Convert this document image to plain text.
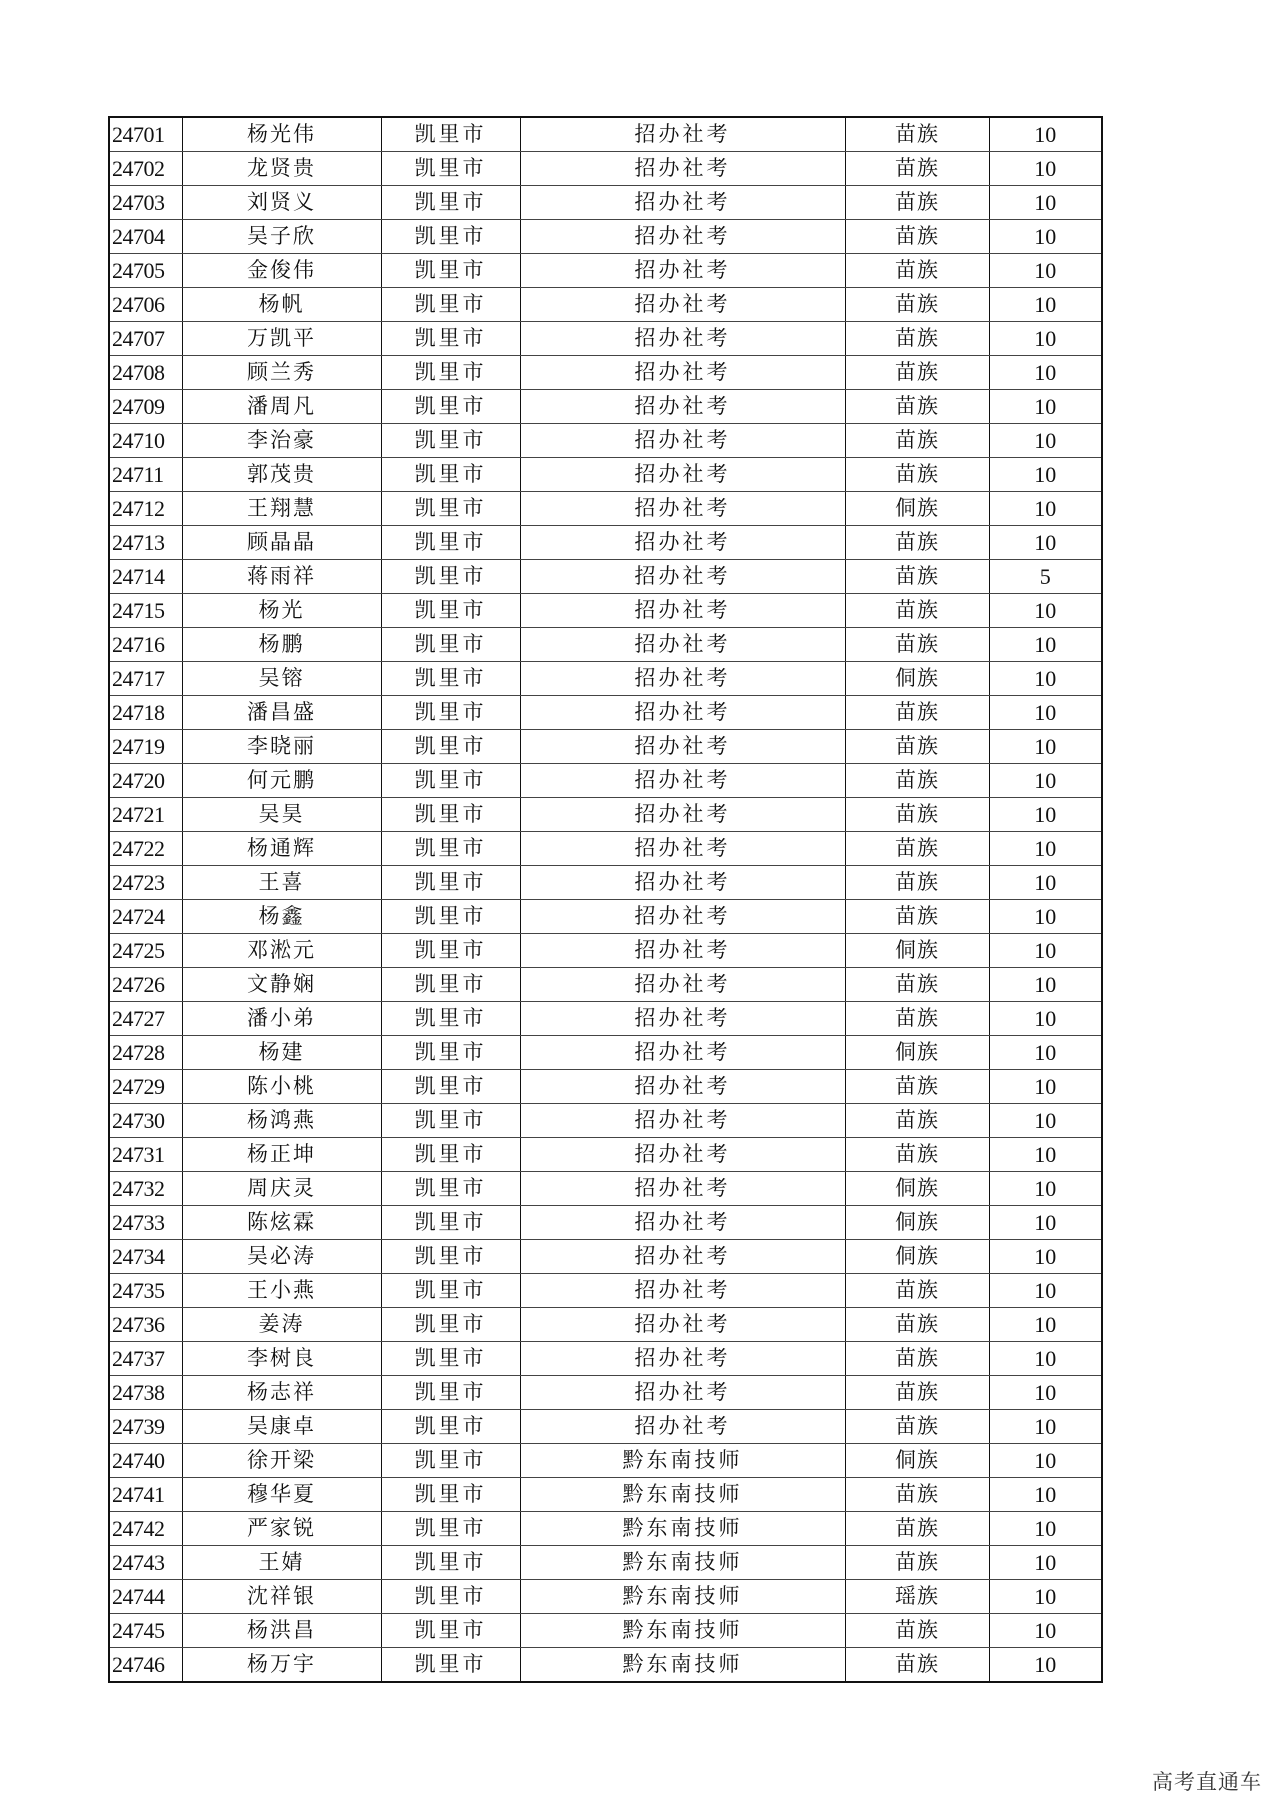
24701	杨光伟	凯里市	招办社考	苗族	10
24702	龙贤贵	凯里市	招办社考	苗族	10
24703	刘贤义	凯里市	招办社考	苗族	10
24704	吴子欣	凯里市	招办社考	苗族	10
24705	金俊伟	凯里市	招办社考	苗族	10
24706	杨帆	凯里市	招办社考	苗族	10
24707	万凯平	凯里市	招办社考	苗族	10
24708	顾兰秀	凯里市	招办社考	苗族	10
24709	潘周凡	凯里市	招办社考	苗族	10
24710	李治豪	凯里市	招办社考	苗族	10
24711	郭茂贵	凯里市	招办社考	苗族	10
24712	王翔慧	凯里市	招办社考	侗族	10
24713	顾晶晶	凯里市	招办社考	苗族	10
24714	蒋雨祥	凯里市	招办社考	苗族	5
24715	杨光	凯里市	招办社考	苗族	10
24716	杨鹏	凯里市	招办社考	苗族	10
24717	吴镕	凯里市	招办社考	侗族	10
24718	潘昌盛	凯里市	招办社考	苗族	10
24719	李晓丽	凯里市	招办社考	苗族	10
24720	何元鹏	凯里市	招办社考	苗族	10
24721	吴昊	凯里市	招办社考	苗族	10
24722	杨通辉	凯里市	招办社考	苗族	10
24723	王喜	凯里市	招办社考	苗族	10
24724	杨鑫	凯里市	招办社考	苗族	10
24725	邓淞元	凯里市	招办社考	侗族	10
24726	文静娴	凯里市	招办社考	苗族	10
24727	潘小弟	凯里市	招办社考	苗族	10
24728	杨建	凯里市	招办社考	侗族	10
24729	陈小桃	凯里市	招办社考	苗族	10
24730	杨鸿燕	凯里市	招办社考	苗族	10
24731	杨正坤	凯里市	招办社考	苗族	10
24732	周庆灵	凯里市	招办社考	侗族	10
24733	陈炫霖	凯里市	招办社考	侗族	10
24734	吴必涛	凯里市	招办社考	侗族	10
24735	王小燕	凯里市	招办社考	苗族	10
24736	姜涛	凯里市	招办社考	苗族	10
24737	李树良	凯里市	招办社考	苗族	10
24738	杨志祥	凯里市	招办社考	苗族	10
24739	吴康卓	凯里市	招办社考	苗族	10
24740	徐开梁	凯里市	黔东南技师	侗族	10
24741	穆华夏	凯里市	黔东南技师	苗族	10
24742	严家锐	凯里市	黔东南技师	苗族	10
24743	王婧	凯里市	黔东南技师	苗族	10
24744	沈祥银	凯里市	黔东南技师	瑶族	10
24745	杨洪昌	凯里市	黔东南技师	苗族	10
24746	杨万宇	凯里市	黔东南技师	苗族	10
高考直通车
